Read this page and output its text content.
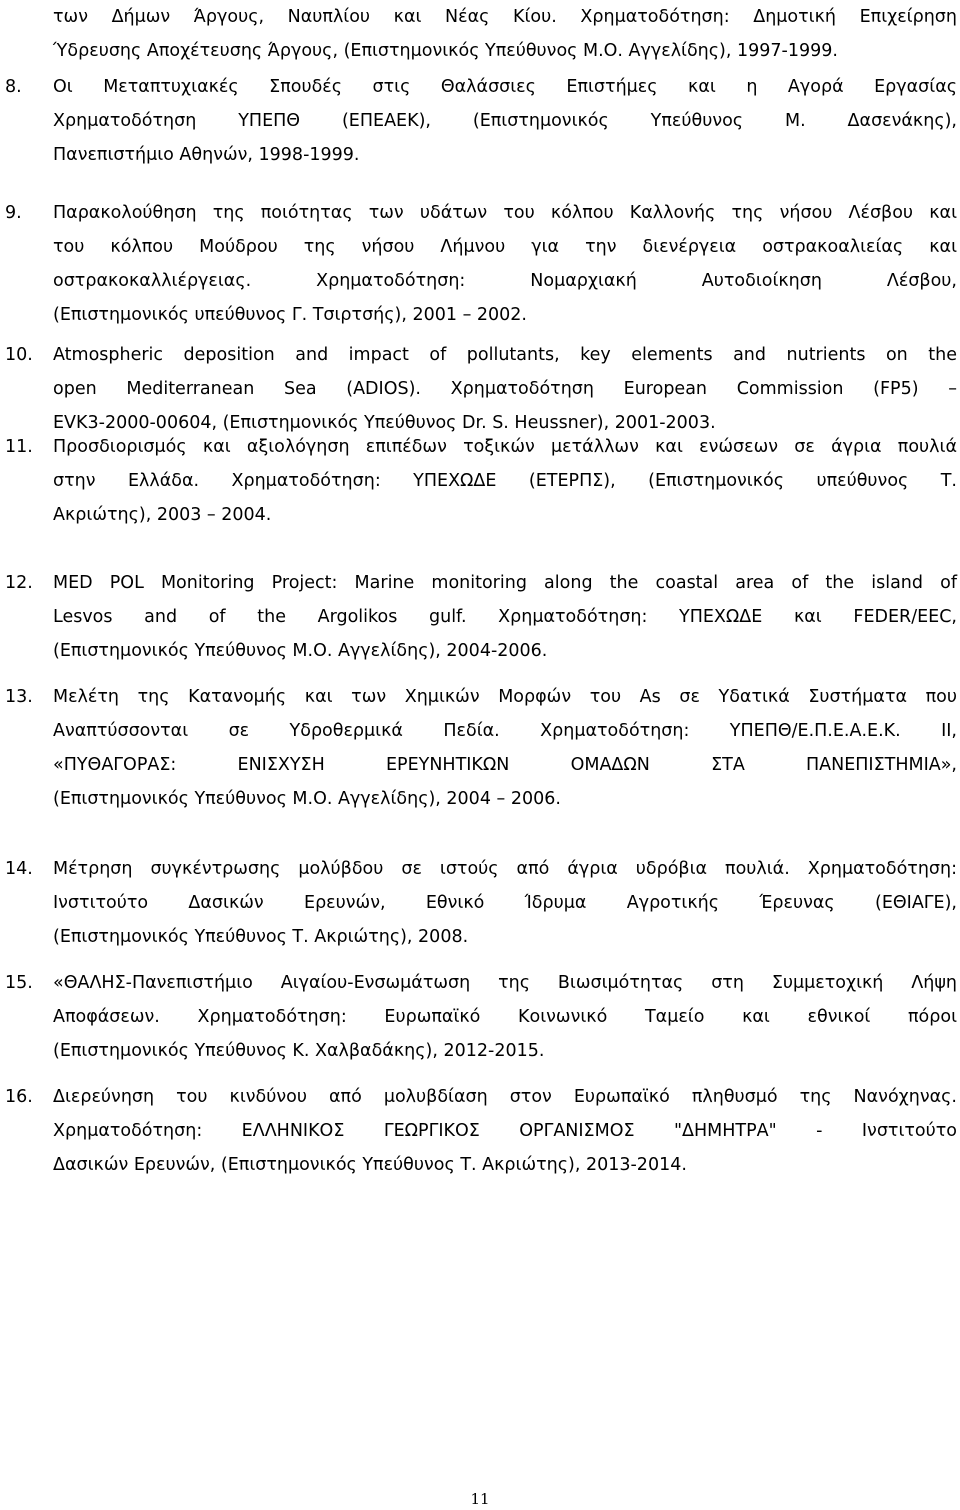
των Δήμων Άργους, Ναυπλίου και Νέας Κίου. Χρηματοδότηση: Δημοτική Επιχείρηση
Ύδρευσης Αποχέτευσης Άργους, (Επιστημονικός Υπεύθυνος Μ.Ο. Αγγελίδης), 1997-1999.
8.	Οι Μεταπτυχιακές Σπουδές στις Θαλάσσιες Επιστήμες και η Αγορά Εργασίας
Χρηματοδότηση ΥΠΕΠΘ (ΕΠΕΑΕΚ), (Επιστημονικός Υπεύθυνος Μ. Δασενάκης),
Πανεπιστήμιο Αθηνών, 1998-1999.
9.	Παρακολούθηση της ποιότητας των υδάτων του κόλπου Καλλονής της νήσου Λέσβου και
του κόλπου Μούδρου της νήσου Λήμνου για την διενέργεια οστρακοαλιείας και
οστρακοκαλλιέργειας. Χρηματοδότηση: Νομαρχιακή Αυτοδιοίκηση Λέσβου,
(Επιστημονικός υπεύθυνος Γ. Τσιρτσής), 2001 – 2002.
10.	Atmospheric deposition and impact of pollutants, key elements and nutrients on the
open Mediterranean Sea (ADIOS). Χρηματοδότηση European Commission (FP5) –
EVK3-2000-00604, (Επιστημονικός Υπεύθυνος Dr. S. Heussner), 2001-2003.
11.	Προσδιορισμός και αξιολόγηση επιπέδων τοξικών μετάλλων και ενώσεων σε άγρια πουλιά
στην Ελλάδα. Χρηματοδότηση: ΥΠΕΧΩΔΕ (ΕΤΕΡΠΣ), (Επιστημονικός υπεύθυνος Τ.
Ακριώτης), 2003 – 2004.
12.	MED POL Monitoring Project: Marine monitoring along the coastal area of the island of
Lesvos and of the Argolikos gulf. Χρηματοδότηση: ΥΠΕΧΩΔΕ και FEDER/EEC,
(Επιστημονικός Υπεύθυνος Μ.Ο. Αγγελίδης), 2004-2006.
13.	Μελέτη της Κατανομής και των Χημικών Μορφών του As σε Υδατικά Συστήματα που
Αναπτύσσονται σε Υδροθερμικά Πεδία. Χρηματοδότηση: ΥΠΕΠΘ/Ε.Π.Ε.Α.Ε.Κ. ΙΙ,
«ΠΥΘΑΓΟΡΑΣ: ΕΝΙΣΧΥΣΗ ΕΡΕΥΝΗΤΙΚΩΝ ΟΜΑΔΩΝ ΣΤΑ ΠΑΝΕΠΙΣΤΗΜΙΑ»,
(Επιστημονικός Υπεύθυνος Μ.Ο. Αγγελίδης), 2004 – 2006.
14.	Μέτρηση συγκέντρωσης μολύβδου σε ιστούς από άγρια υδρόβια πουλιά. Χρηματοδότηση:
Ινστιτούτο Δασικών Ερευνών, Εθνικό Ίδρυμα Αγροτικής Έρευνας (ΕΘΙΑΓΕ),
(Επιστημονικός Υπεύθυνος Τ. Ακριώτης), 2008.
15.	«ΘΑΛΗΣ-Πανεπιστήμιο Αιγαίου-Ενσωμάτωση της Βιωσιμότητας στη Συμμετοχική Λήψη
Αποφάσεων. Χρηματοδότηση: Ευρωπαϊκό Κοινωνικό Ταμείο και εθνικοί πόροι
(Επιστημονικός Υπεύθυνος Κ. Χαλβαδάκης), 2012-2015.
16.	Διερεύνηση του κινδύνου από μολυβδίαση στον Ευρωπαϊκό πληθυσμό της Νανόχηνας.
Χρηματοδότηση: ΕΛΛΗΝΙΚΟΣ ΓΕΩΡΓΙΚΟΣ ΟΡΓΑΝΙΣΜΟΣ "ΔΗΜΗΤΡΑ" - Ινστιτούτο
Δασικών Ερευνών, (Επιστημονικός Υπεύθυνος Τ. Ακριώτης), 2013-2014.
11
